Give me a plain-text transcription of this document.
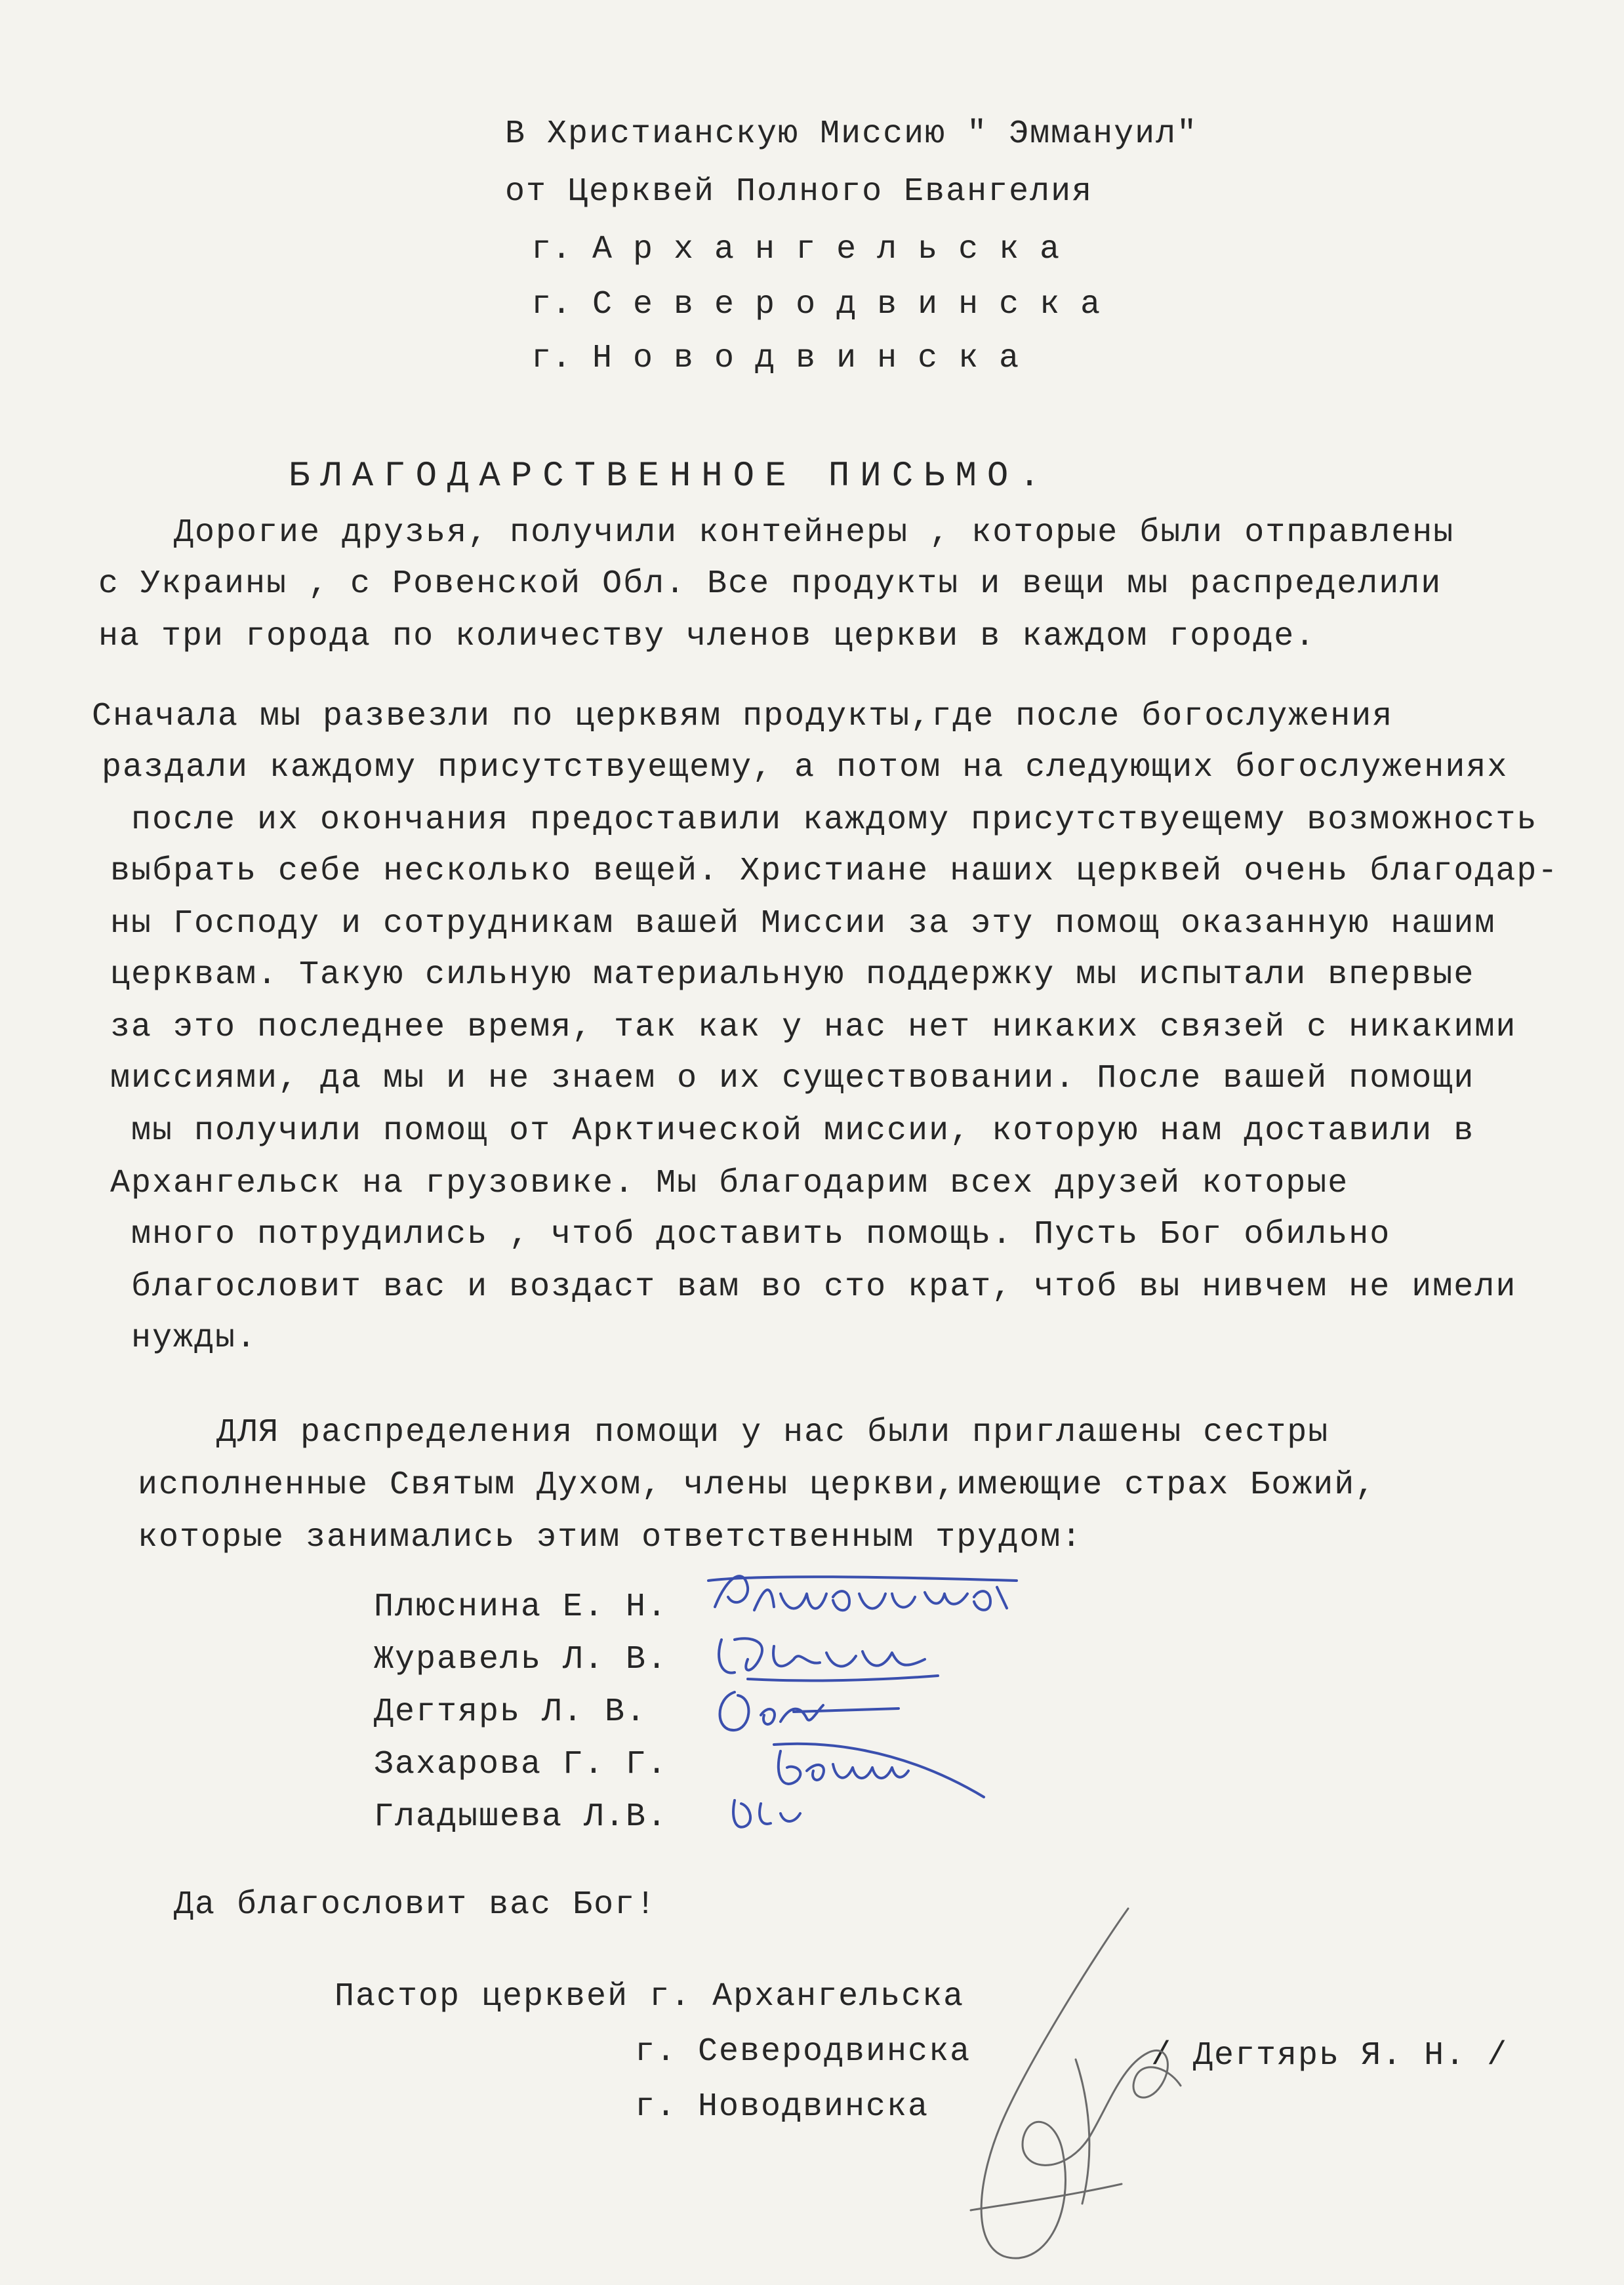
В Христианскую Миссию " Эммануил"
от Церквей Полного Евангелия
г. А р х а н г е л ь с к а
г. С е в е р о д в и н с к а
г. Н о в о д в и н с к а
БЛАГОДАРСТВЕННОЕ ПИСЬМО.
Дорогие друзья, получили контейнеры , которые были отправлены
с Украины , с Ровенской Обл. Все продукты и вещи мы распределили
на три города по количеству членов церкви в каждом городе.
Сначала мы развезли по церквям продукты,где после богослужения
раздали каждому присутствуещему, а потом на следующих богослужениях
после их окончания предоставили каждому присутствуещему возможность
выбрать себе несколько вещей. Христиане наших церквей очень благодар-
ны Господу и сотрудникам вашей Миссии за эту помощ оказанную нашим
церквам. Такую сильную материальную поддержку мы испытали впервые
за это последнее время, так как у нас нет никаких связей с никакими
миссиями, да мы и не знаем о их существовании. После вашей помощи
мы получили помощ от Арктической миссии, которую нам доставили в
Архангельск на грузовике. Мы благодарим всех друзей которые
много потрудились , чтоб доставить помощь. Пусть Бог обильно
благословит вас и воздаст вам во сто крат, чтоб вы нивчем не имели
нужды.
ДЛЯ распределения помощи у нас были приглашены сестры
исполненные Святым Духом, члены церкви,имеющие страх Божий,
которые занимались этим ответственным трудом:
Плюснина Е. Н.
Журавель Л. В.
Дегтярь Л. В.
Захарова Г. Г.
Гладышева Л.В.
Да благословит вас Бог!
Пастор церквей г. Архангельска
г. Северодвинска
г. Новодвинска
/ Дегтярь Я. Н. /
